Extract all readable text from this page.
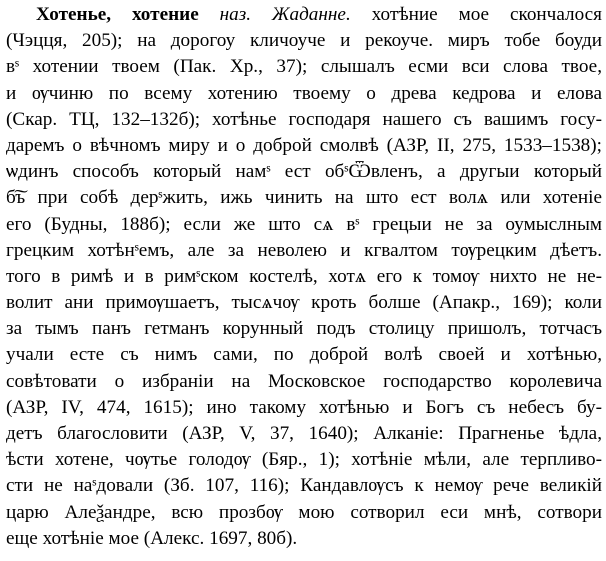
Хотенье, хотение наз. Жаданне. хотѣние мое скончалося
(Чэцця, 205); на дорогоу кличоуче и рекоуче. миръ тобе боуди
вˢ хотении твоем (Пак. Хр., 37); слышалъ есми вси слова твое,
и ѹчиню по всему хотению твоему о древа кедрова и елова
(Скар. ТЦ, 132–132б); хотѣнье господаря нашего съ вашимъ госу-
даремъ о вѣчномъ миру и о доброй смолвѣ (АЗР, II, 275, 1533–1538);
ѡдинъ способъ который намˢ ест обˢѾвленъ, а другыи который
б͠ъ при собѣ дерˢжить, ижь чинить на што ест волѧ или хотеніе
его (Будны, 188б); если же што сѧ вˢ грецыи не за оумыслным
грецким хотѣнˢемъ, але за неволею и кгвалтом тѹрецким дѣетъ.
того в римѣ и в римˢском костелѣ, хотѧ его к томѹ нихто не не-
волит ани примѹшаетъ, тысѧчѹ кроть болше (Апакр., 169); коли
за тымъ панъ гетманъ корунный подъ столицу пришолъ, тотчасъ
учали есте съ нимъ сами, по доброй волѣ своей и хотѣнью,
совѣтовати о избраніи на Московское господарство королевича
(АЗР, IV, 474, 1615); ино такому хотѣнью и Богъ съ небесъ бу-
детъ благословити (АЗР, V, 37, 1640); Алканіе: Прагненье ѣдла,
ѣсти хотене, чѹтье голодѹ (Бяр., 1); хотѣніе мѣли, але терпливо-
сти не наˢдовали (Зб. 107, 116); Кандавлѹсъ к немѹ рече великій
царю Алеѯандре, всю прозбѹ мою сотворил еси мнѣ, сотвори
еще хотѣніе мое (Алекс. 1697, 80б).
